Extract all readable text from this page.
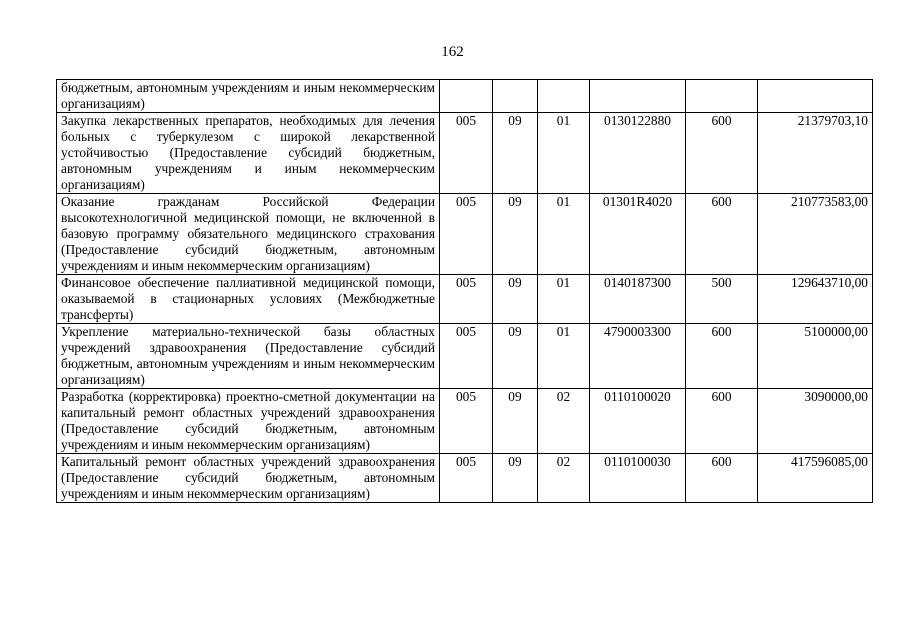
162
бюджетным, автономным учреждениям и иным некоммерческим организациям)						
Закупка лекарственных препаратов, необходимых для лечения больных с туберкулезом с широкой лекарственной устойчивостью (Предоставление субсидий бюджетным, автономным учреждениям и иным некоммерческим организациям)	005	09	01	0130122880	600	21379703,10
Оказание гражданам Российской Федерации высокотехнологичной медицинской помощи, не включенной в базовую программу обязательного медицинского страхования (Предоставление субсидий бюджетным, автономным учреждениям и иным некоммерческим организациям)	005	09	01	01301R4020	600	210773583,00
Финансовое обеспечение паллиативной медицинской помощи, оказываемой в стационарных условиях (Межбюджетные трансферты)	005	09	01	0140187300	500	129643710,00
Укрепление материально-технической базы областных учреждений здравоохранения (Предоставление субсидий бюджетным, автономным учреждениям и иным некоммерческим организациям)	005	09	01	4790003300	600	5100000,00
Разработка (корректировка) проектно-сметной документации на капитальный ремонт областных учреждений здравоохранения (Предоставление субсидий бюджетным, автономным учреждениям и иным некоммерческим организациям)	005	09	02	0110100020	600	3090000,00
Капитальный ремонт областных учреждений здравоохранения (Предоставление субсидий бюджетным, автономным учреждениям и иным некоммерческим организациям)	005	09	02	0110100030	600	417596085,00
